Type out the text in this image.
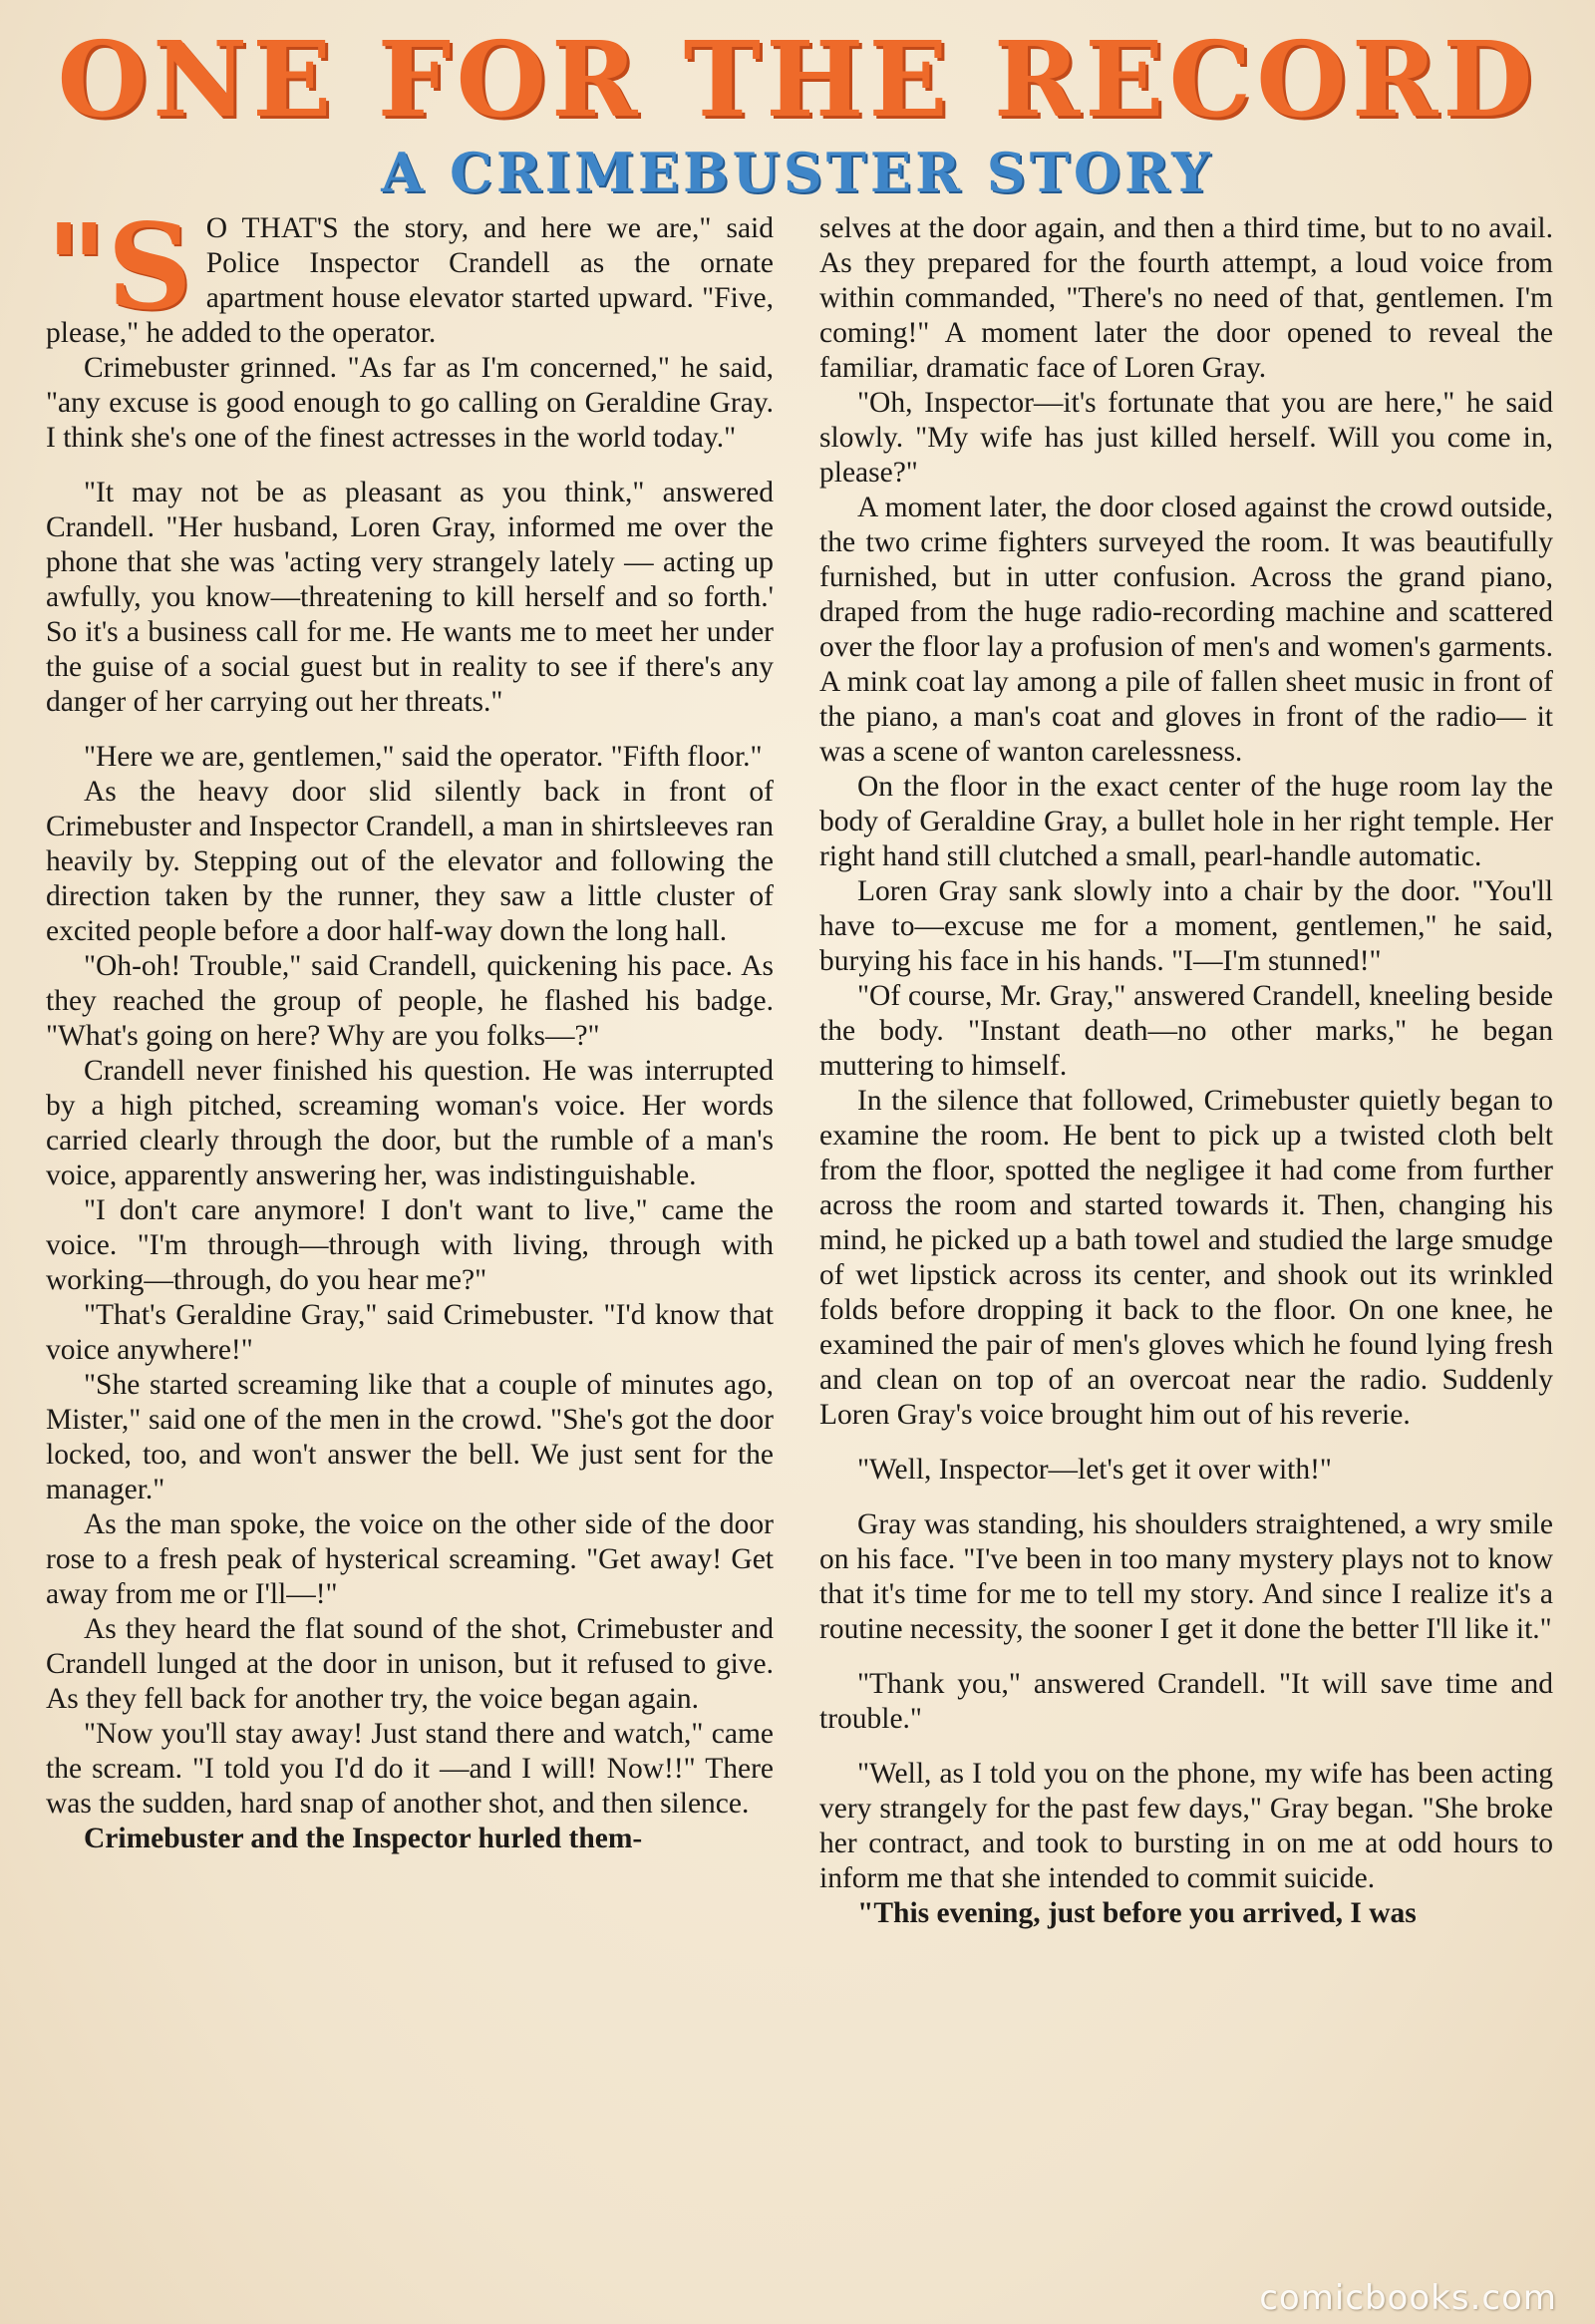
ONE FOR THE RECORD
A CRIMEBUSTER STORY

"S O THAT'S the story, and here we are," said Police Inspector Crandell as the ornate apartment house elevator started upward. "Five, please," he added to the operator.

Crimebuster grinned. "As far as I'm concerned," he said, "any excuse is good enough to go calling on Geraldine Gray. I think she's one of the finest actresses in the world today."

"It may not be as pleasant as you think," answered Crandell. "Her husband, Loren Gray, informed me over the phone that she was 'acting very strangely lately — acting up awfully, you know—threatening to kill herself and so forth.' So it's a business call for me. He wants me to meet her under the guise of a social guest but in reality to see if there's any danger of her carrying out her threats."

"Here we are, gentlemen," said the operator. "Fifth floor."

As the heavy door slid silently back in front of Crimebuster and Inspector Crandell, a man in shirtsleeves ran heavily by. Stepping out of the elevator and following the direction taken by the runner, they saw a little cluster of excited people before a door half-way down the long hall.

"Oh-oh! Trouble," said Crandell, quickening his pace. As they reached the group of people, he flashed his badge. "What's going on here? Why are you folks—?"

Crandell never finished his question. He was interrupted by a high pitched, screaming woman's voice. Her words carried clearly through the door, but the rumble of a man's voice, apparently answering her, was indistinguishable.

"I don't care anymore! I don't want to live," came the voice. "I'm through—through with living, through with working—through, do you hear me?"

"That's Geraldine Gray," said Crimebuster. "I'd know that voice anywhere!"

"She started screaming like that a couple of minutes ago, Mister," said one of the men in the crowd. "She's got the door locked, too, and won't answer the bell. We just sent for the manager."

As the man spoke, the voice on the other side of the door rose to a fresh peak of hysterical screaming. "Get away! Get away from me or I'll—!"

As they heard the flat sound of the shot, Crimebuster and Crandell lunged at the door in unison, but it refused to give. As they fell back for another try, the voice began again.

"Now you'll stay away! Just stand there and watch," came the scream. "I told you I'd do it —and I will! Now!!" There was the sudden, hard snap of another shot, and then silence.

Crimebuster and the Inspector hurled them-

selves at the door again, and then a third time, but to no avail. As they prepared for the fourth attempt, a loud voice from within commanded, "There's no need of that, gentlemen. I'm coming!" A moment later the door opened to reveal the familiar, dramatic face of Loren Gray.

"Oh, Inspector—it's fortunate that you are here," he said slowly. "My wife has just killed herself. Will you come in, please?"

A moment later, the door closed against the crowd outside, the two crime fighters surveyed the room. It was beautifully furnished, but in utter confusion. Across the grand piano, draped from the huge radio-recording machine and scattered over the floor lay a profusion of men's and women's garments. A mink coat lay among a pile of fallen sheet music in front of the piano, a man's coat and gloves in front of the radio— it was a scene of wanton carelessness.

On the floor in the exact center of the huge room lay the body of Geraldine Gray, a bullet hole in her right temple. Her right hand still clutched a small, pearl-handle automatic.

Loren Gray sank slowly into a chair by the door. "You'll have to—excuse me for a moment, gentlemen," he said, burying his face in his hands. "I—I'm stunned!"

"Of course, Mr. Gray," answered Crandell, kneeling beside the body. "Instant death—no other marks," he began muttering to himself.

In the silence that followed, Crimebuster quietly began to examine the room. He bent to pick up a twisted cloth belt from the floor, spotted the negligee it had come from further across the room and started towards it. Then, changing his mind, he picked up a bath towel and studied the large smudge of wet lipstick across its center, and shook out its wrinkled folds before dropping it back to the floor. On one knee, he examined the pair of men's gloves which he found lying fresh and clean on top of an overcoat near the radio. Suddenly Loren Gray's voice brought him out of his reverie.

"Well, Inspector—let's get it over with!"

Gray was standing, his shoulders straightened, a wry smile on his face. "I've been in too many mystery plays not to know that it's time for me to tell my story. And since I realize it's a routine necessity, the sooner I get it done the better I'll like it."

"Thank you," answered Crandell. "It will save time and trouble."

"Well, as I told you on the phone, my wife has been acting very strangely for the past few days," Gray began. "She broke her contract, and took to bursting in on me at odd hours to inform me that she intended to commit suicide.

"This evening, just before you arrived, I was

comicbooks.com
